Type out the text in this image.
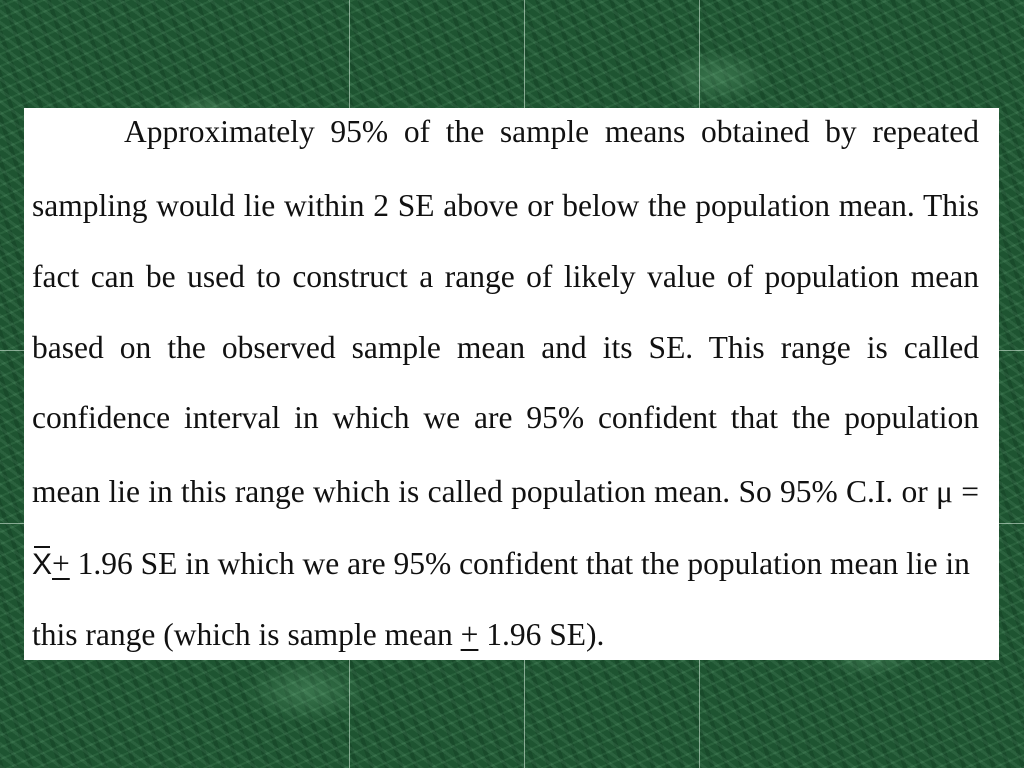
Approximately 95% of the sample means obtained by repeated
sampling would lie within 2 SE above or below the population mean. This
fact can be used to construct a range of likely value of population mean
based on the observed sample mean and its SE. This range is called
confidence interval in which we are 95% confident that the population
mean lie in this range which is called population mean. So 95% C.I. or μ =
X+ 1.96 SE in which we are 95% confident that the population mean lie in
this range (which is sample mean + 1.96 SE).
